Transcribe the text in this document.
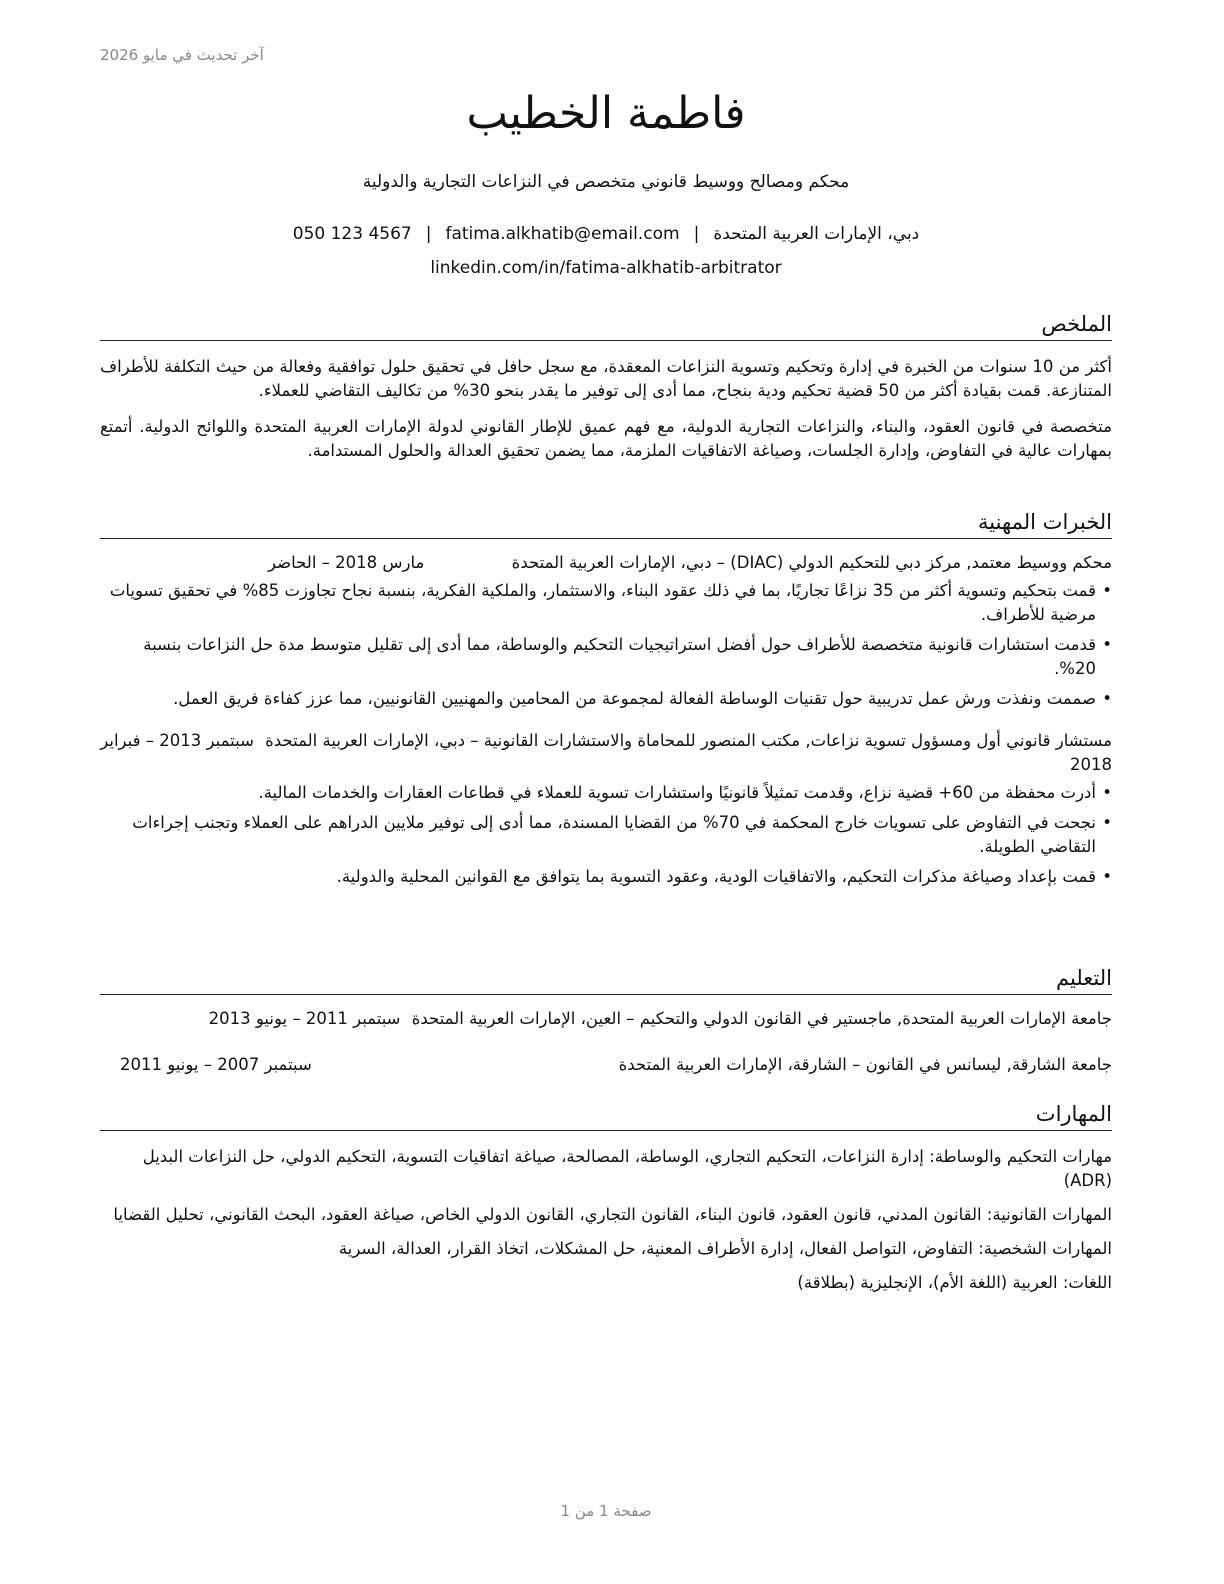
آخر تحديث في مايو 2026
فاطمة الخطيب
محكم ومصالح ووسيط قانوني متخصص في النزاعات التجارية والدولية
دبي، الإمارات العربية المتحدة|fatima.alkhatib@email.com|050 123 4567
linkedin.com/in/fatima-alkhatib-arbitrator
الملخص

أكثر من 10 سنوات من الخبرة في إدارة وتحكيم وتسوية النزاعات المعقدة، مع سجل حافل في تحقيق حلول توافقية وفعالة من حيث التكلفة للأطراف المتنازعة. قمت بقيادة أكثر من 50 قضية تحكيم ودية بنجاح، مما أدى إلى توفير ما يقدر بنحو 30% من تكاليف التقاضي للعملاء.

متخصصة في قانون العقود، والبناء، والنزاعات التجارية الدولية، مع فهم عميق للإطار القانوني لدولة الإمارات العربية المتحدة واللوائح الدولية. أتمتع بمهارات عالية في التفاوض، وإدارة الجلسات، وصياغة الاتفاقيات الملزمة، مما يضمن تحقيق العدالة والحلول المستدامة.

الخبرات المهنية
محكم ووسيط معتمد, مركز دبي للتحكيم الدولي (DIAC) – دبي، الإمارات العربية المتحدة
مارس 2018 – الحاضر
• قمت بتحكيم وتسوية أكثر من 35 نزاعًا تجاريًا، بما في ذلك عقود البناء، والاستثمار، والملكية الفكرية، بنسبة نجاح تجاوزت 85% في تحقيق تسويات مرضية للأطراف.
• قدمت استشارات قانونية متخصصة للأطراف حول أفضل استراتيجيات التحكيم والوساطة، مما أدى إلى تقليل متوسط مدة حل النزاعات بنسبة 20%.
• صممت ونفذت ورش عمل تدريبية حول تقنيات الوساطة الفعالة لمجموعة من المحامين والمهنيين القانونيين، مما عزز كفاءة فريق العمل.
مستشار قانوني أول ومسؤول تسوية نزاعات, مكتب المنصور للمحاماة والاستشارات القانونية – دبي، الإمارات العربية المتحدة سبتمبر 2013 – فبراير 2018
• أدرت محفظة من 60+ قضية نزاع، وقدمت تمثيلاً قانونيًا واستشارات تسوية للعملاء في قطاعات العقارات والخدمات المالية.
• نجحت في التفاوض على تسويات خارج المحكمة في 70% من القضايا المسندة، مما أدى إلى توفير ملايين الدراهم على العملاء وتجنب إجراءات التقاضي الطويلة.
• قمت بإعداد وصياغة مذكرات التحكيم، والاتفاقيات الودية، وعقود التسوية بما يتوافق مع القوانين المحلية والدولية.
التعليم
جامعة الإمارات العربية المتحدة, ماجستير في القانون الدولي والتحكيم – العين، الإمارات العربية المتحدة سبتمبر 2011 – يونيو 2013
جامعة الشارقة, ليسانس في القانون – الشارقة، الإمارات العربية المتحدة
سبتمبر 2007 – يونيو 2011
المهارات
مهارات التحكيم والوساطة: إدارة النزاعات، التحكيم التجاري، الوساطة، المصالحة، صياغة اتفاقيات التسوية، التحكيم الدولي، حل النزاعات البديل (ADR)
المهارات القانونية: القانون المدني، قانون العقود، قانون البناء، القانون التجاري، القانون الدولي الخاص، صياغة العقود، البحث القانوني، تحليل القضايا
المهارات الشخصية: التفاوض، التواصل الفعال، إدارة الأطراف المعنية، حل المشكلات، اتخاذ القرار، العدالة، السرية
اللغات: العربية (اللغة الأم)، الإنجليزية (بطلاقة)
صفحة 1 من 1
